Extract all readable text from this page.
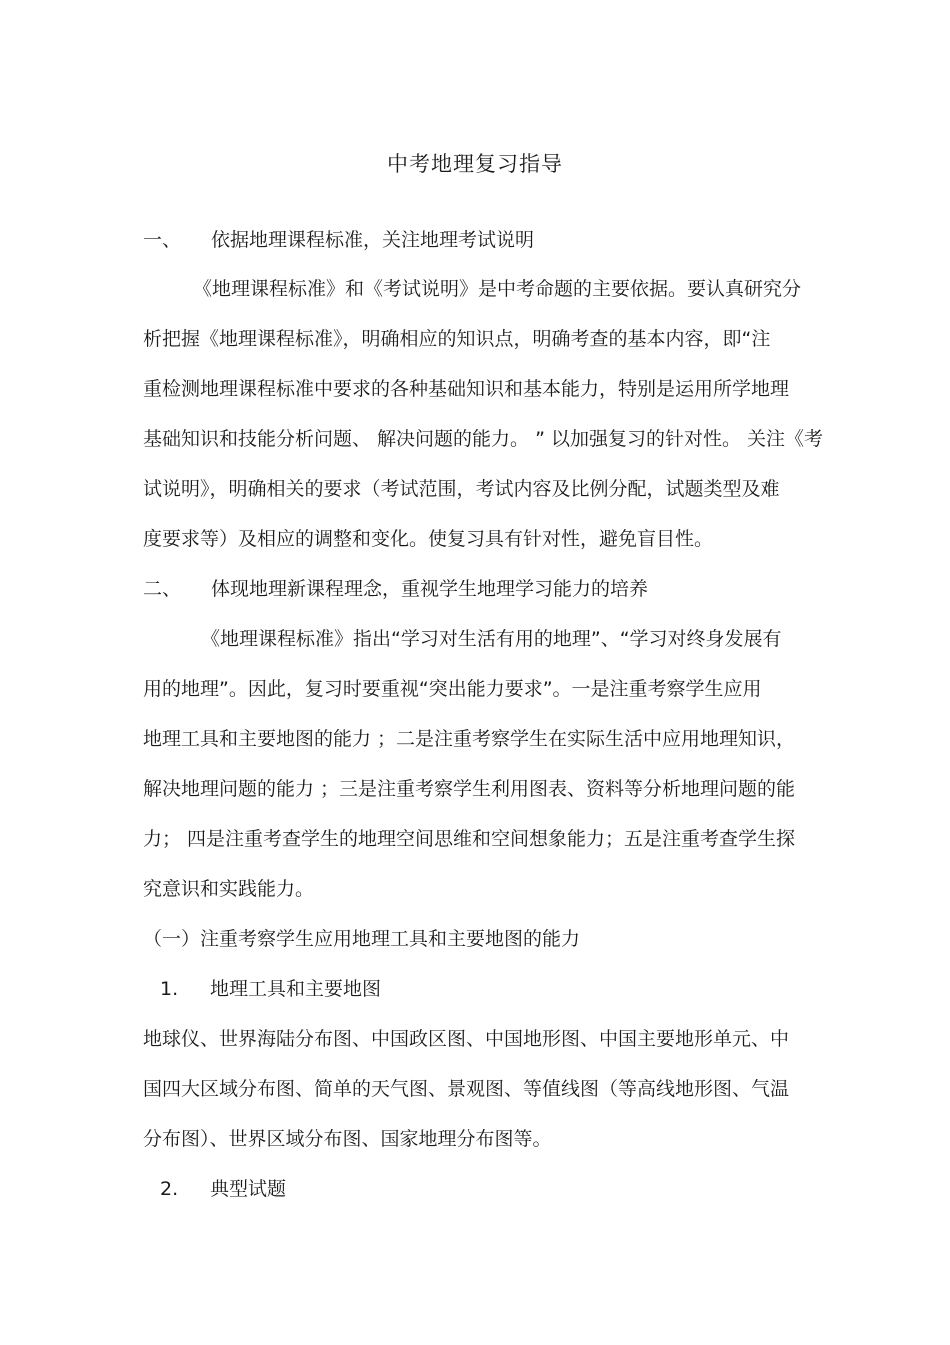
中考地理复习指导
一、 依据地理课程标准，关注地理考试说明
《地理课程标准》和《考试说明》是中考命题的主要依据。要认真研究分
析把握《地理课程标准》，明确相应的知识点，明确考查的基本内容，即“注
重检测地理课程标准中要求的各种基础知识和基本能力，特别是运用所学地理
基础知识和技能分析问题、 解决问题的能力。 ” 以加强复习的针对性。 关注《考
试说明》，明确相关的要求（考试范围，考试内容及比例分配，试题类型及难
度要求等）及相应的调整和变化。使复习具有针对性，避免盲目性。
二、 体现地理新课程理念，重视学生地理学习能力的培养
《地理课程标准》指出“学习对生活有用的地理”、“学习对终身发展有
用的地理”。因此，复习时要重视“突出能力要求”。一是注重考察学生应用
地理工具和主要地图的能力 ；二是注重考察学生在实际生活中应用地理知识，
解决地理问题的能力 ；三是注重考察学生利用图表、资料等分析地理问题的能
力； 四是注重考查学生的地理空间思维和空间想象能力；五是注重考查学生探
究意识和实践能力。
（一）注重考察学生应用地理工具和主要地图的能力
1. 地理工具和主要地图
地球仪、世界海陆分布图、中国政区图、中国地形图、中国主要地形单元、中
国四大区域分布图、简单的天气图、景观图、等值线图（等高线地形图、气温
分布图）、世界区域分布图、国家地理分布图等。
2. 典型试题
